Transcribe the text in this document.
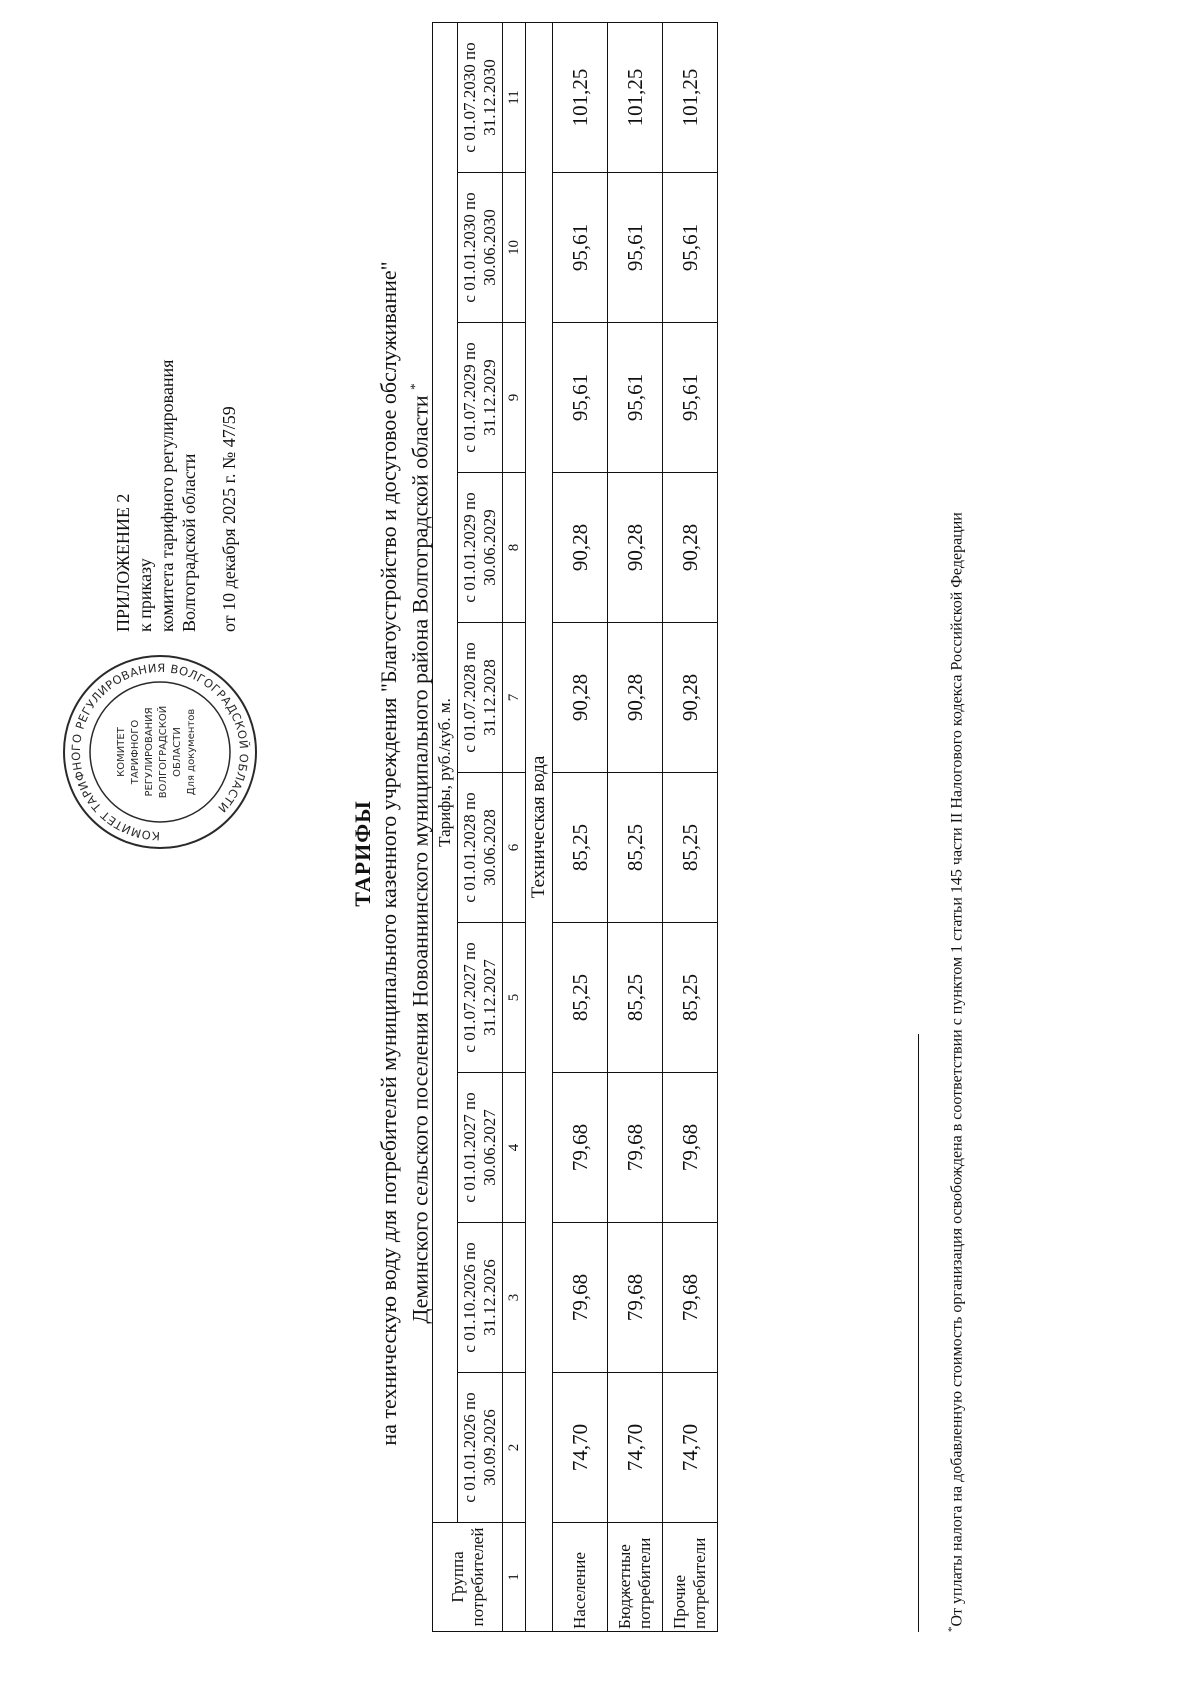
КОМИТЕТ ТАРИФНОГО РЕГУЛИРОВАНИЯ ВОЛГОГРАДСКОЙ ОБЛАСТИ
КОМИТЕТ ТАРИФНОГО РЕГУЛИРОВАНИЯ ВОЛГОГРАДСКОЙ ОБЛАСТИ Для документов
ПРИЛОЖЕНИЕ 2 к приказу комитета тарифного регулирования Волгоградской области от 10 декабря 2025 г. № 47/59
ТАРИФЫ на техническую воду для потребителей муниципального казенного учреждения "Благоустройство и досуговое обслуживание" Деминского сельского поселения Новоаннинского муниципального района Волгоградской области *
Группа потребителей	Тарифы, руб./куб. м.									
	с 01.01.2026 по 30.09.2026	с 01.10.2026 по 31.12.2026	с 01.01.2027 по 30.06.2027	с 01.07.2027 по 31.12.2027	с 01.01.2028 по 30.06.2028	с 01.07.2028 по 31.12.2028	с 01.01.2029 по 30.06.2029	с 01.07.2029 по 31.12.2029	с 01.01.2030 по 30.06.2030	с 01.07.2030 по 31.12.2030
1	2	3	4	5	6	7	8	9	10	11
Техническая вода										
Население	74,70	79,68	79,68	85,25	85,25	90,28	90,28	95,61	95,61	101,25
Бюджетные потребители	74,70	79,68	79,68	85,25	85,25	90,28	90,28	95,61	95,61	101,25
Прочие потребители	74,70	79,68	79,68	85,25	85,25	90,28	90,28	95,61	95,61	101,25
*От уплаты налога на добавленную стоимость организация освобождена в соответствии с пунктом 1 статьи 145 части II Налогового кодекса Российской Федерации
